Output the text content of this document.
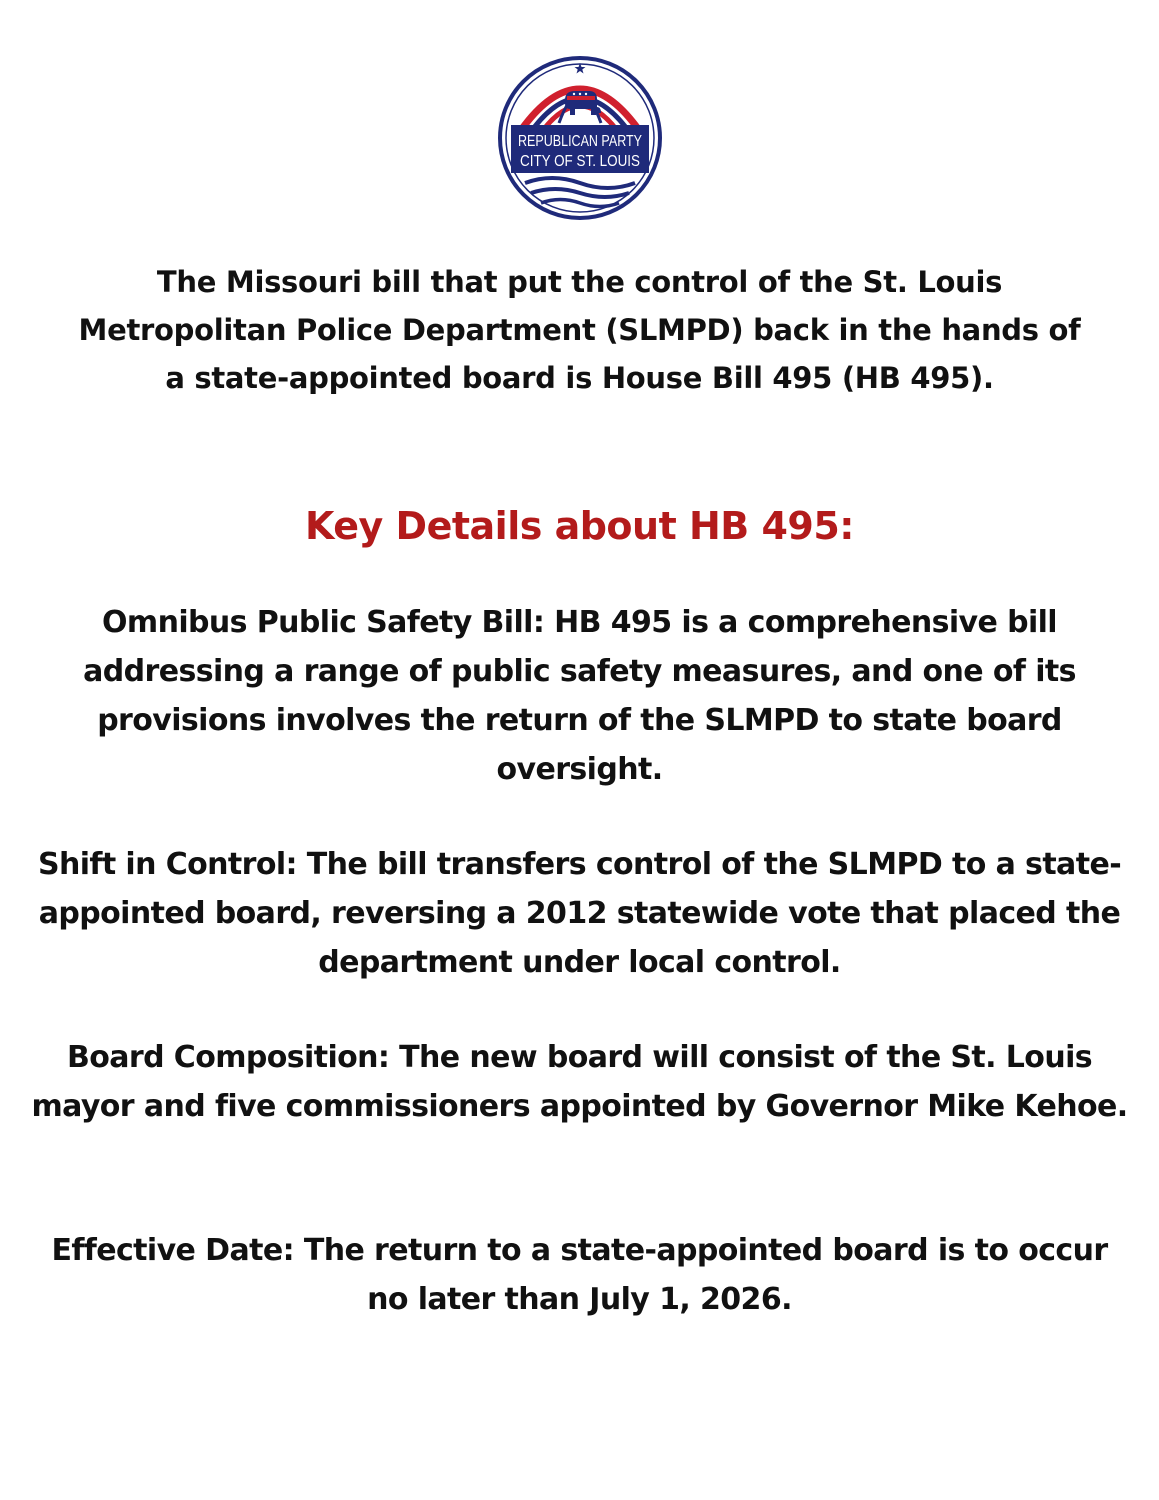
REPUBLICAN PARTY
CITY OF ST. LOUIS

The Missouri bill that put the control of the St. Louis Metropolitan Police Department (SLMPD) back in the hands of a state-appointed board is House Bill 495 (HB 495).

Key Details about HB 495:

Omnibus Public Safety Bill: HB 495 is a comprehensive bill addressing a range of public safety measures, and one of its provisions involves the return of the SLMPD to state board oversight.

Shift in Control: The bill transfers control of the SLMPD to a state-appointed board, reversing a 2012 statewide vote that placed the department under local control.

Board Composition: The new board will consist of the St. Louis mayor and five commissioners appointed by Governor Mike Kehoe.

Effective Date: The return to a state-appointed board is to occur no later than July 1, 2026.
